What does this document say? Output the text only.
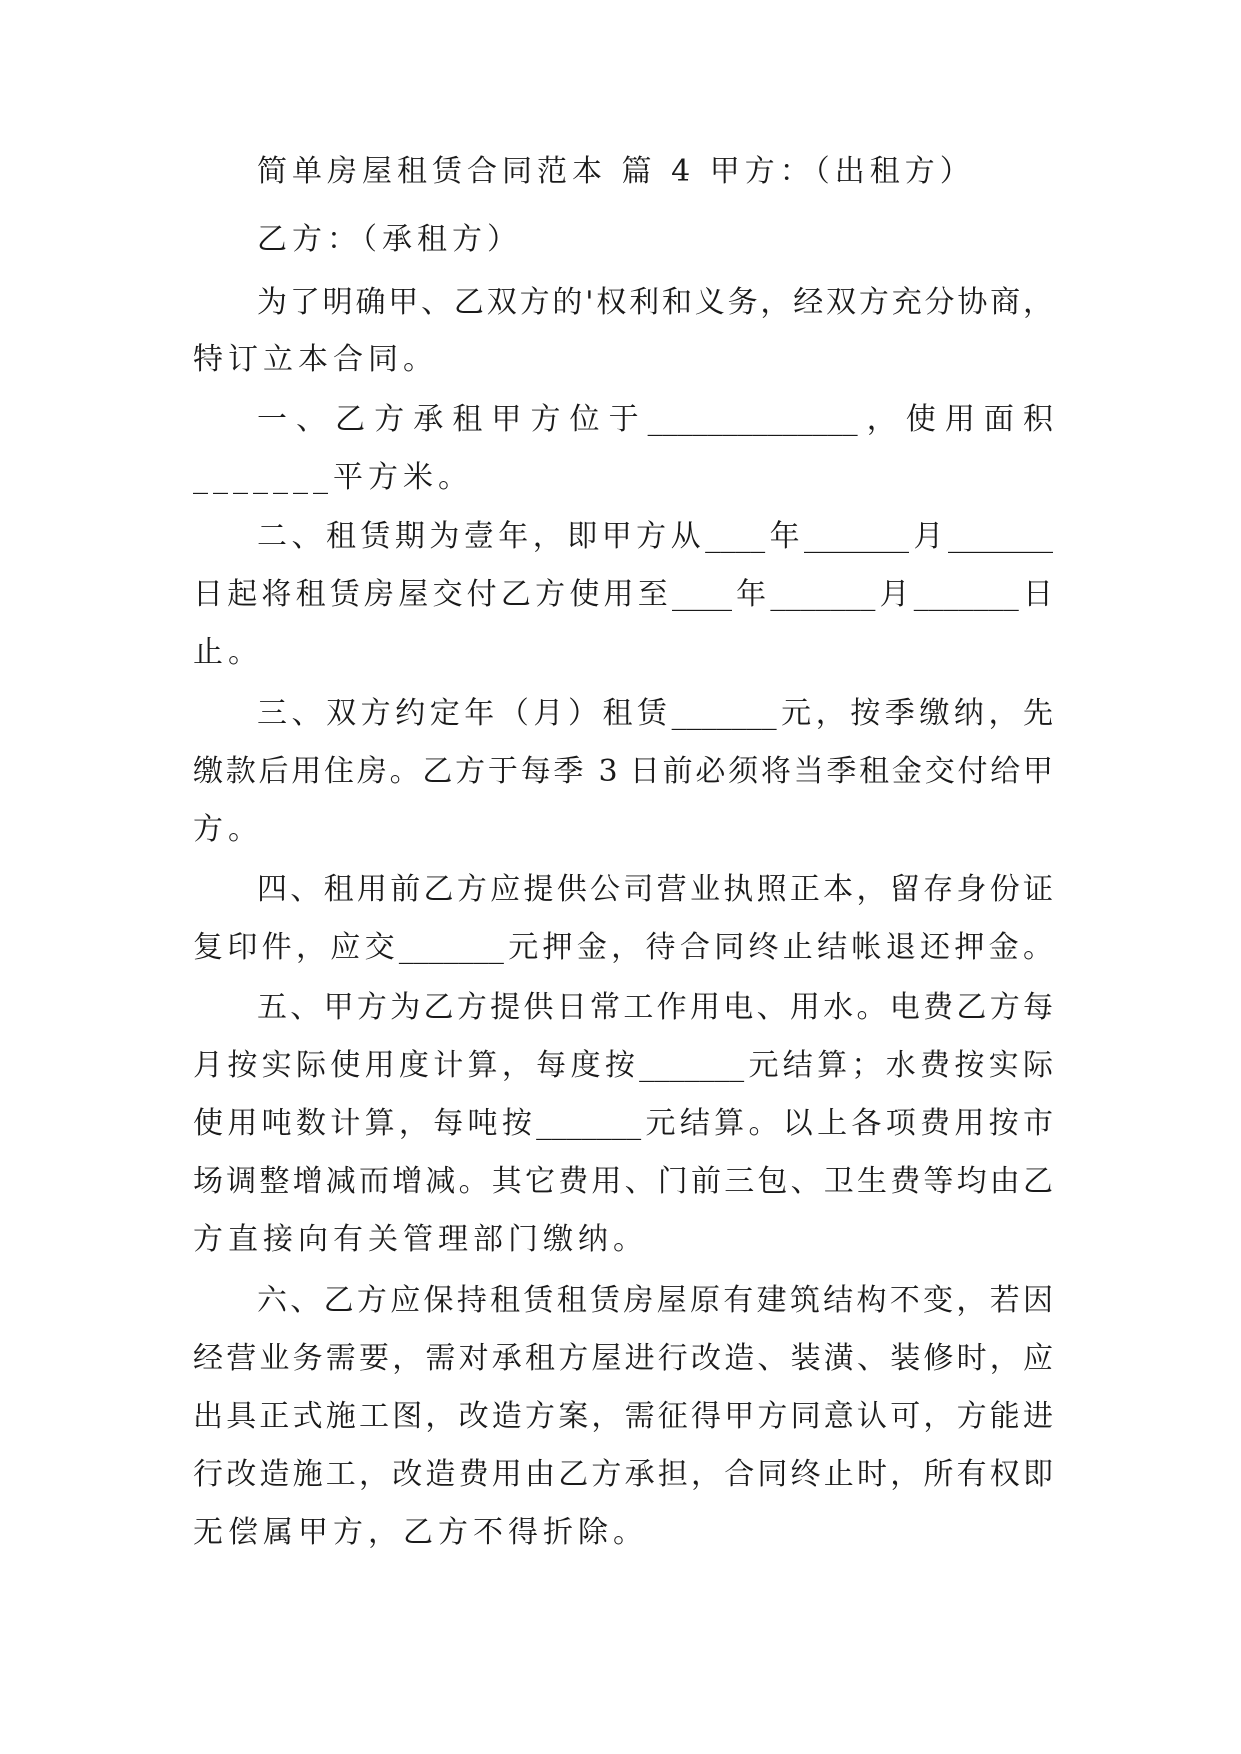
简单房屋租赁合同范本 篇 4 甲方：（出租方）
乙方：（承租方）
为了明确甲、乙双方的'权利和义务，经双方充分协商，
特订立本合同。
一、乙方承租甲方位于______________，使用面积
_______平方米。
二、租赁期为壹年，即甲方从____年_______月_______
日起将租赁房屋交付乙方使用至____年_______月_______日
止。
三、双方约定年（月）租赁_______元，按季缴纳，先
缴款后用住房。乙方于每季 3 日前必须将当季租金交付给甲
方。
四、租用前乙方应提供公司营业执照正本，留存身份证
复印件，应交_______元押金，待合同终止结帐退还押金。
五、甲方为乙方提供日常工作用电、用水。电费乙方每
月按实际使用度计算，每度按_______元结算；水费按实际
使用吨数计算，每吨按_______元结算。以上各项费用按市
场调整增减而增减。其它费用、门前三包、卫生费等均由乙
方直接向有关管理部门缴纳。
六、乙方应保持租赁租赁房屋原有建筑结构不变，若因
经营业务需要，需对承租方屋进行改造、装潢、装修时，应
出具正式施工图，改造方案，需征得甲方同意认可，方能进
行改造施工，改造费用由乙方承担，合同终止时，所有权即
无偿属甲方，乙方不得折除。
